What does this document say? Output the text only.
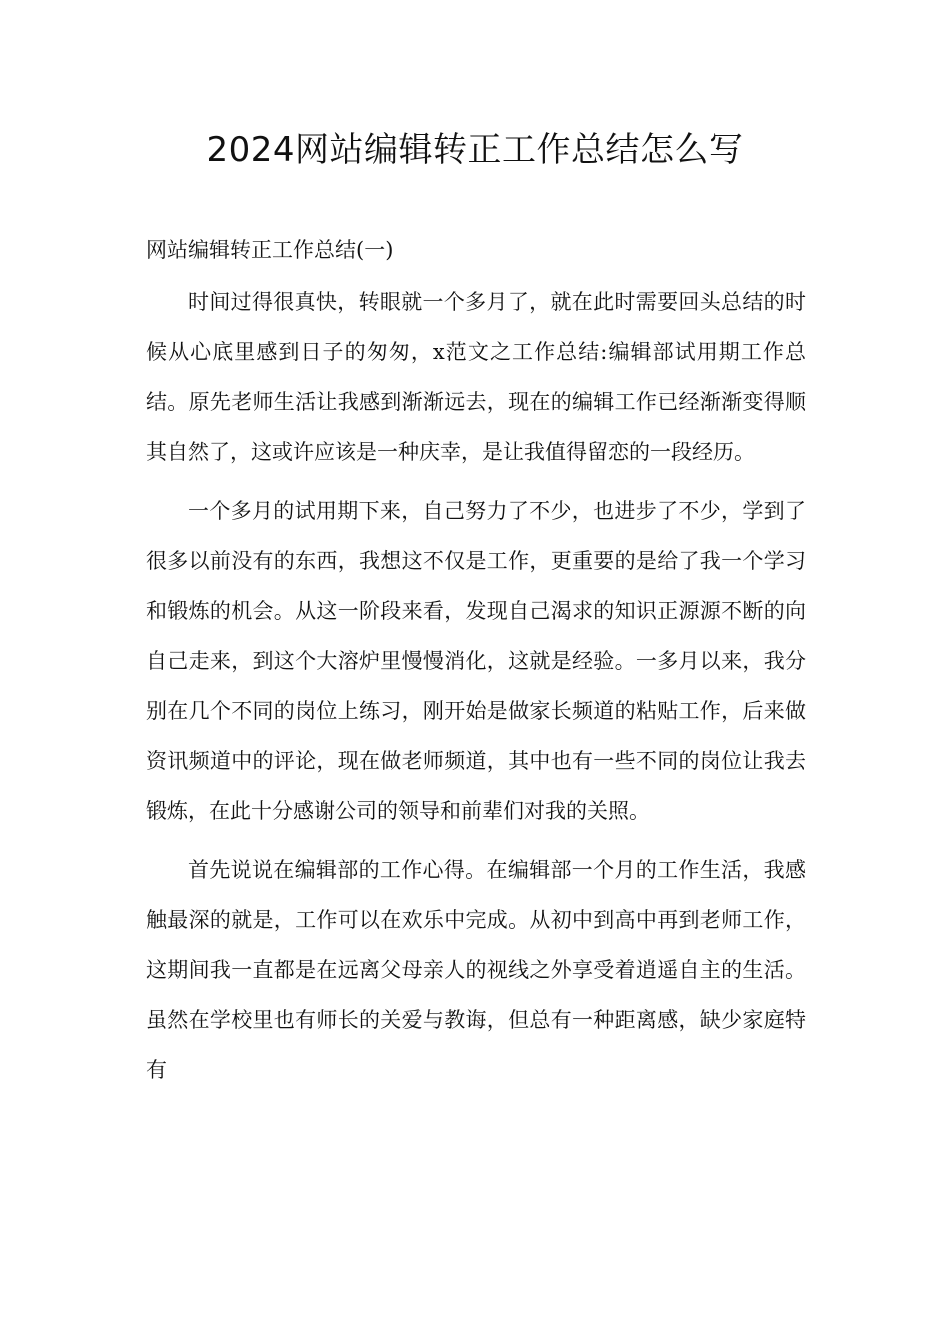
2024网站编辑转正工作总结怎么写

网站编辑转正工作总结(一)

时间过得很真快，转眼就一个多月了，就在此时需要回头总结的时候从心底里感到日子的匆匆，x范文之工作总结:编辑部试用期工作总结。原先老师生活让我感到渐渐远去，现在的编辑工作已经渐渐变得顺其自然了，这或许应该是一种庆幸，是让我值得留恋的一段经历。

一个多月的试用期下来，自己努力了不少，也进步了不少，学到了很多以前没有的东西，我想这不仅是工作，更重要的是给了我一个学习和锻炼的机会。从这一阶段来看，发现自己渴求的知识正源源不断的向自己走来，到这个大溶炉里慢慢消化，这就是经验。一多月以来，我分别在几个不同的岗位上练习，刚开始是做家长频道的粘贴工作，后来做资讯频道中的评论，现在做老师频道，其中也有一些不同的岗位让我去锻炼，在此十分感谢公司的领导和前辈们对我的关照。

首先说说在编辑部的工作心得。在编辑部一个月的工作生活，我感触最深的就是，工作可以在欢乐中完成。从初中到高中再到老师工作，这期间我一直都是在远离父母亲人的视线之外享受着逍遥自主的生活。虽然在学校里也有师长的关爱与教诲，但总有一种距离感，缺少家庭特有
